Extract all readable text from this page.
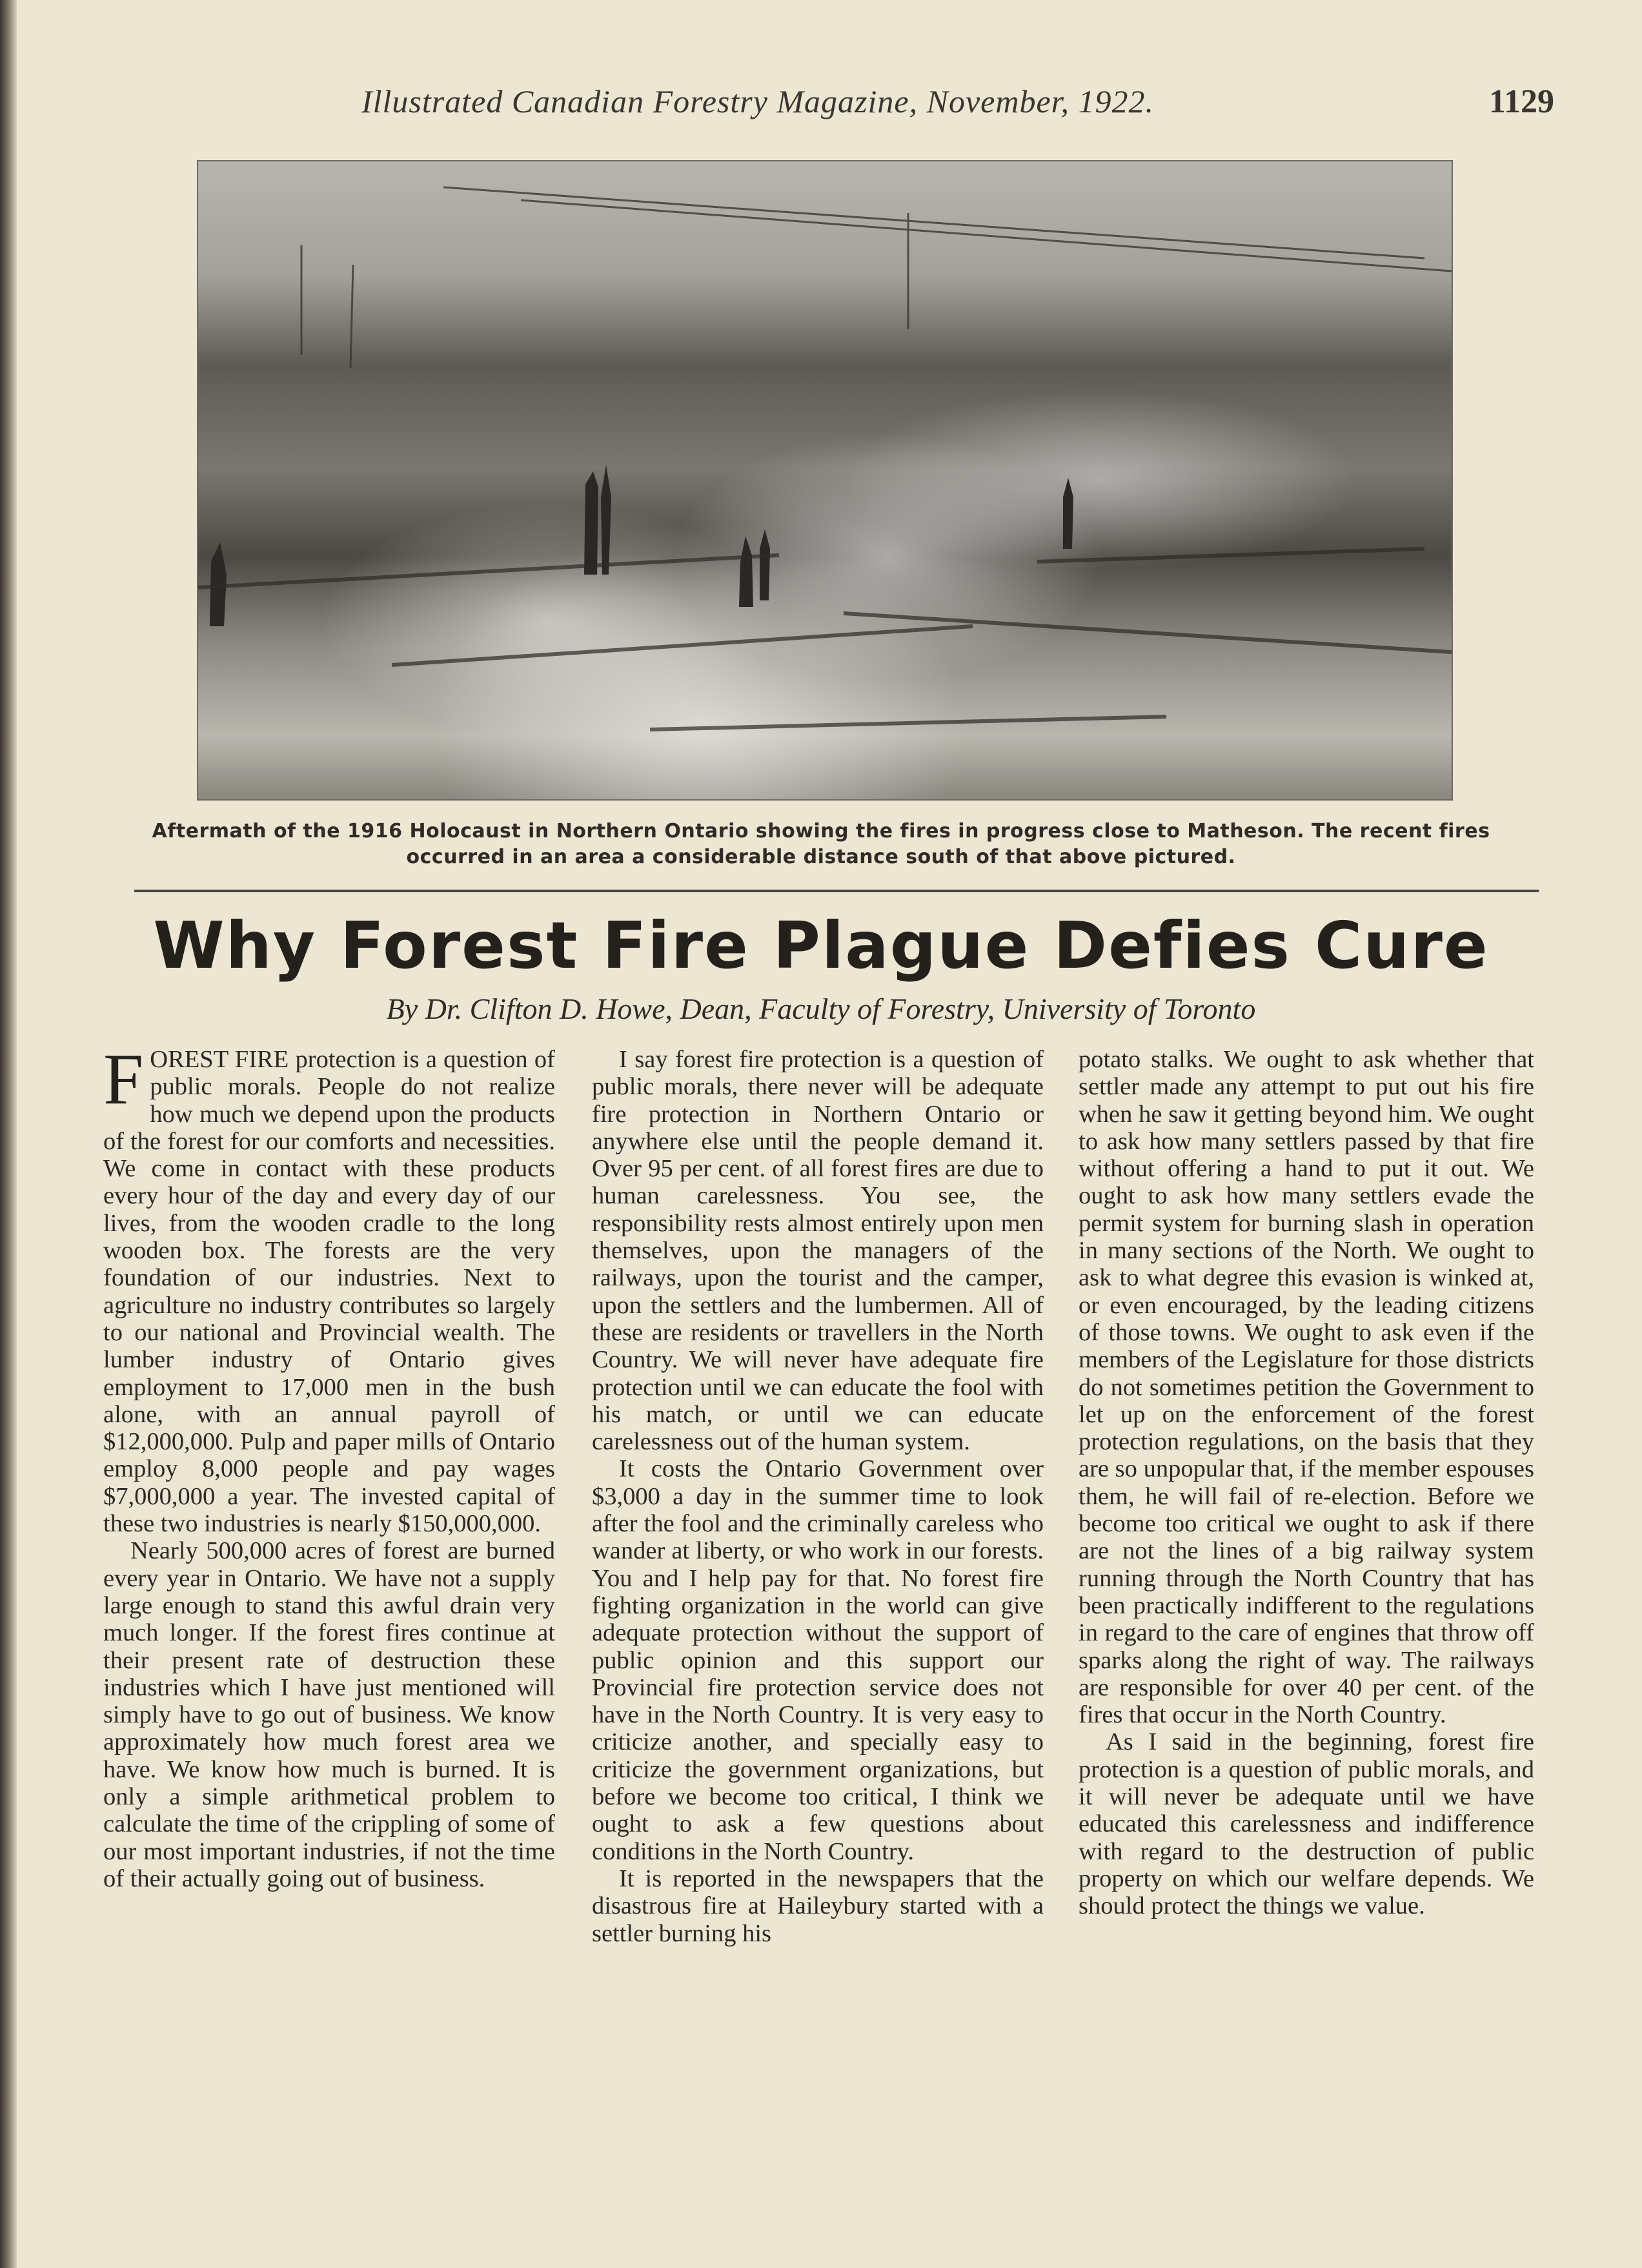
Illustrated Canadian Forestry Magazine, November, 1922.	1129
Aftermath of the 1916 Holocaust in Northern Ontario showing the fires in progress close to Matheson. The recent fires occurred in an area a considerable distance south of that above pictured.
Why Forest Fire Plague Defies Cure
By Dr. Clifton D. Howe, Dean, Faculty of Forestry, University of Toronto
F OREST FIRE protection is a question of public morals. People do not realize how much we depend upon the products of the forest for our comforts and necessities. We come in contact with these products every hour of the day and every day of our lives, from the wooden cradle to the long wooden box. The forests are the very foundation of our industries. Next to agriculture no industry contributes so largely to our national and Provincial wealth. The lumber industry of Ontario gives employment to 17,000 men in the bush alone, with an annual payroll of $12,000,000. Pulp and paper mills of Ontario employ 8,000 people and pay wages $7,000,000 a year. The invested capital of these two industries is nearly $150,000,000.

Nearly 500,000 acres of forest are burned every year in Ontario. We have not a supply large enough to stand this awful drain very much longer. If the forest fires continue at their present rate of destruction these industries which I have just mentioned will simply have to go out of business. We know approximately how much forest area we have. We know how much is burned. It is only a simple arithmetical problem to calculate the time of the crippling of some of our most important industries, if not the time of their actually going out of business.

I say forest fire protection is a question of public morals, there never will be adequate fire protection in Northern Ontario or anywhere else until the people demand it. Over 95 per cent. of all forest fires are due to human carelessness. You see, the responsibility rests almost entirely upon men themselves, upon the managers of the railways, upon the tourist and the camper, upon the settlers and the lumbermen. All of these are residents or travellers in the North Country. We will never have adequate fire protection until we can educate the fool with his match, or until we can educate carelessness out of the human system.

It costs the Ontario Government over $3,000 a day in the summer time to look after the fool and the criminally careless who wander at liberty, or who work in our forests. You and I help pay for that. No forest fire fighting organization in the world can give adequate protection without the support of public opinion and this support our Provincial fire protection service does not have in the North Country. It is very easy to criticize another, and specially easy to criticize the government organizations, but before we become too critical, I think we ought to ask a few questions about conditions in the North Country.

It is reported in the newspapers that the disastrous fire at Haileybury started with a settler burning his

potato stalks. We ought to ask whether that settler made any attempt to put out his fire when he saw it getting beyond him. We ought to ask how many settlers passed by that fire without offering a hand to put it out. We ought to ask how many settlers evade the permit system for burning slash in operation in many sections of the North. We ought to ask to what degree this evasion is winked at, or even encouraged, by the leading citizens of those towns. We ought to ask even if the members of the Legislature for those districts do not sometimes petition the Government to let up on the enforcement of the forest protection regulations, on the basis that they are so unpopular that, if the member espouses them, he will fail of re-election. Before we become too critical we ought to ask if there are not the lines of a big railway system running through the North Country that has been practically indifferent to the regulations in regard to the care of engines that throw off sparks along the right of way. The railways are responsible for over 40 per cent. of the fires that occur in the North Country.

As I said in the beginning, forest fire protection is a question of public morals, and it will never be adequate until we have educated this carelessness and indifference with regard to the destruction of public property on which our welfare depends. We should protect the things we value.
